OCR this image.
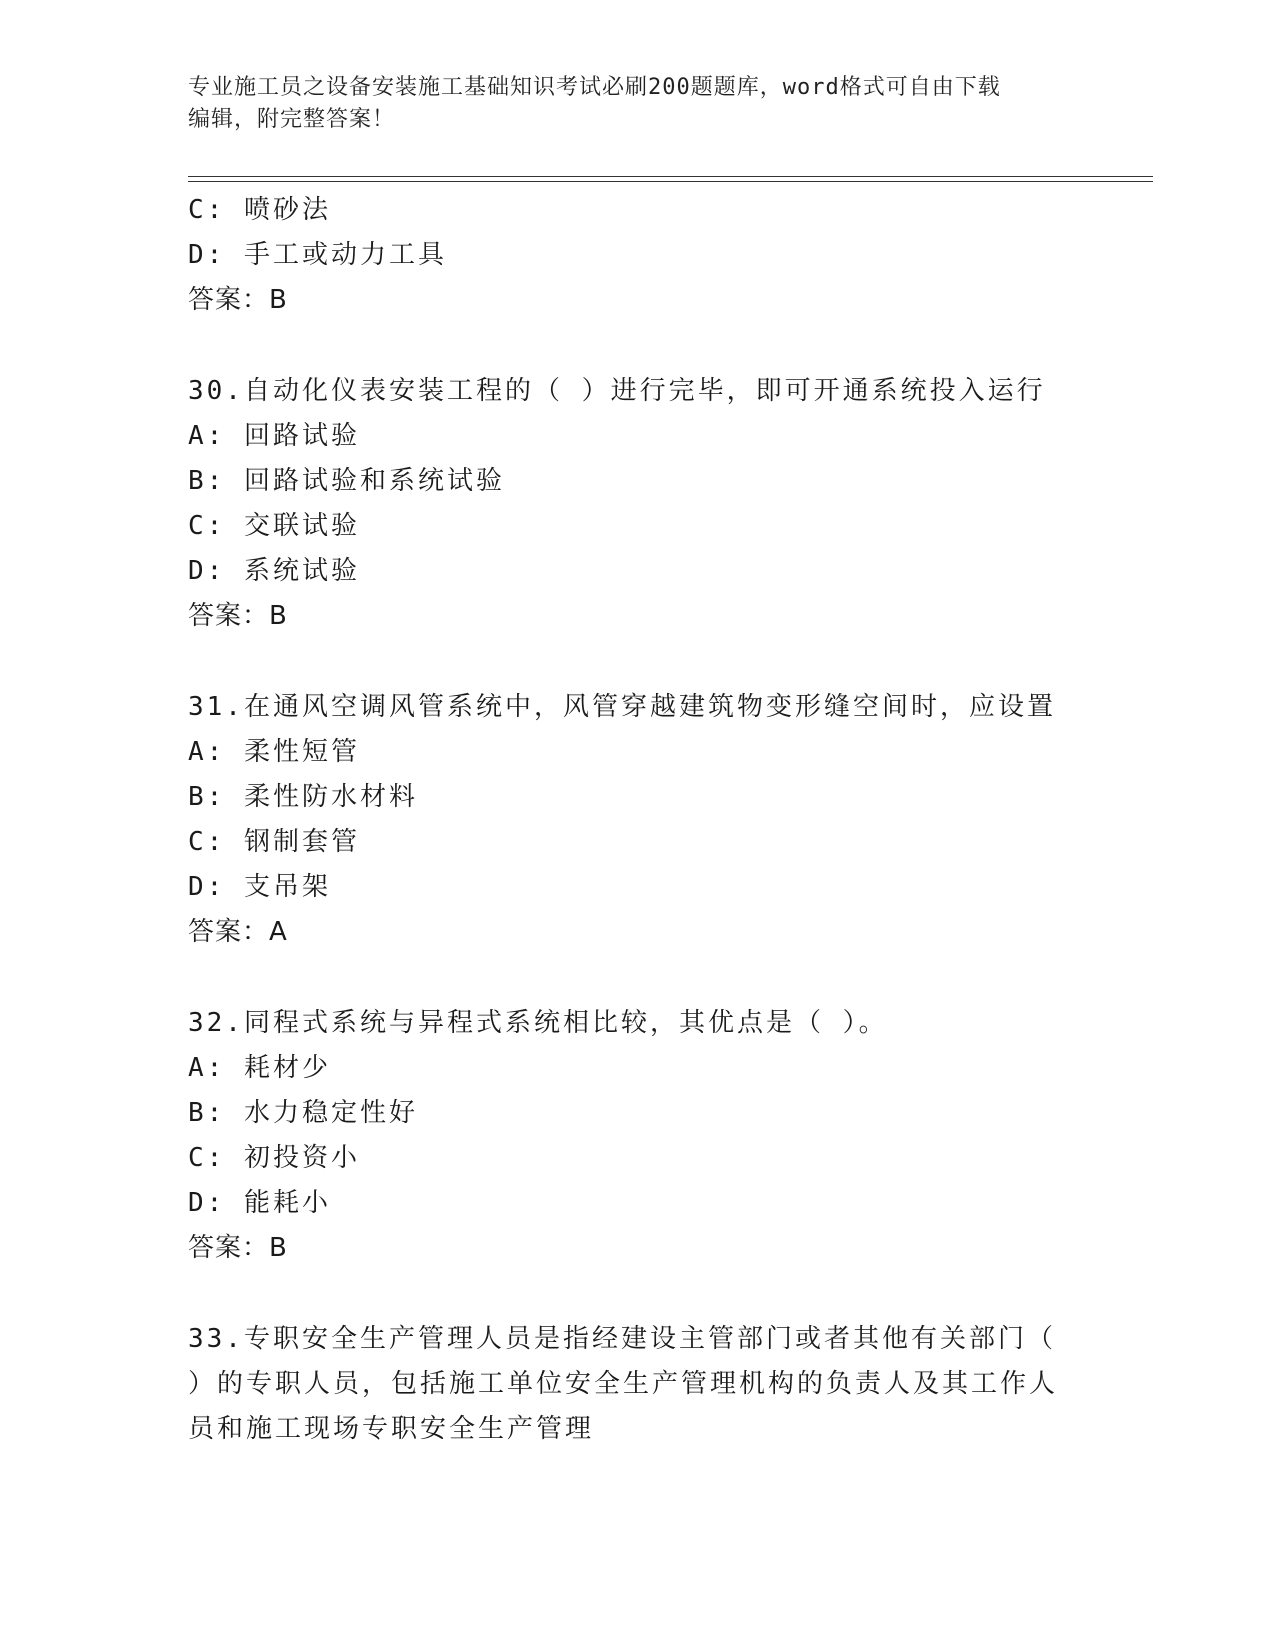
专业施工员之设备安装施工基础知识考试必刷200题题库，word格式可自由下载
编辑，附完整答案！
C: 喷砂法
D: 手工或动力工具
答案：B
30.自动化仪表安装工程的（ ）进行完毕，即可开通系统投入运行
A: 回路试验
B: 回路试验和系统试验
C: 交联试验
D: 系统试验
答案：B
31.在通风空调风管系统中，风管穿越建筑物变形缝空间时，应设置
A: 柔性短管
B: 柔性防水材料
C: 钢制套管
D: 支吊架
答案：A
32.同程式系统与异程式系统相比较，其优点是（ ）。
A: 耗材少
B: 水力稳定性好
C: 初投资小
D: 能耗小
答案：B
33.专职安全生产管理人员是指经建设主管部门或者其他有关部门（
）的专职人员，包括施工单位安全生产管理机构的负责人及其工作人
员和施工现场专职安全生产管理
